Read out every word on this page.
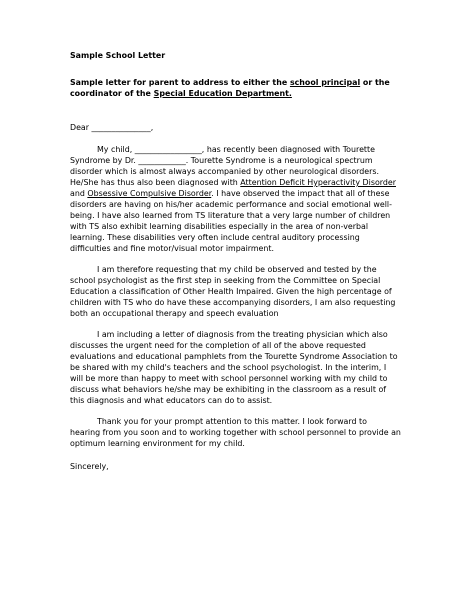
Sample School Letter
Sample letter for parent to address to either the school principal or the
coordinator of the Special Education Department.
Dear _______________,
My child, _________________, has recently been diagnosed with Tourette
Syndrome by Dr. ____________. Tourette Syndrome is a neurological spectrum
disorder which is almost always accompanied by other neurological disorders.
He/She has thus also been diagnosed with Attention Deficit Hyperactivity Disorder
and Obsessive Compulsive Disorder. I have observed the impact that all of these
disorders are having on his/her academic performance and social emotional well-
being. I have also learned from TS literature that a very large number of children
with TS also exhibit learning disabilities especially in the area of non-verbal
learning. These disabilities very often include central auditory processing
difficulties and fine motor/visual motor impairment.
I am therefore requesting that my child be observed and tested by the
school psychologist as the first step in seeking from the Committee on Special
Education a classification of Other Health Impaired. Given the high percentage of
children with TS who do have these accompanying disorders, I am also requesting
both an occupational therapy and speech evaluation
I am including a letter of diagnosis from the treating physician which also
discusses the urgent need for the completion of all of the above requested
evaluations and educational pamphlets from the Tourette Syndrome Association to
be shared with my child's teachers and the school psychologist. In the interim, I
will be more than happy to meet with school personnel working with my child to
discuss what behaviors he/she may be exhibiting in the classroom as a result of
this diagnosis and what educators can do to assist.
Thank you for your prompt attention to this matter. I look forward to
hearing from you soon and to working together with school personnel to provide an
optimum learning environment for my child.
Sincerely,
